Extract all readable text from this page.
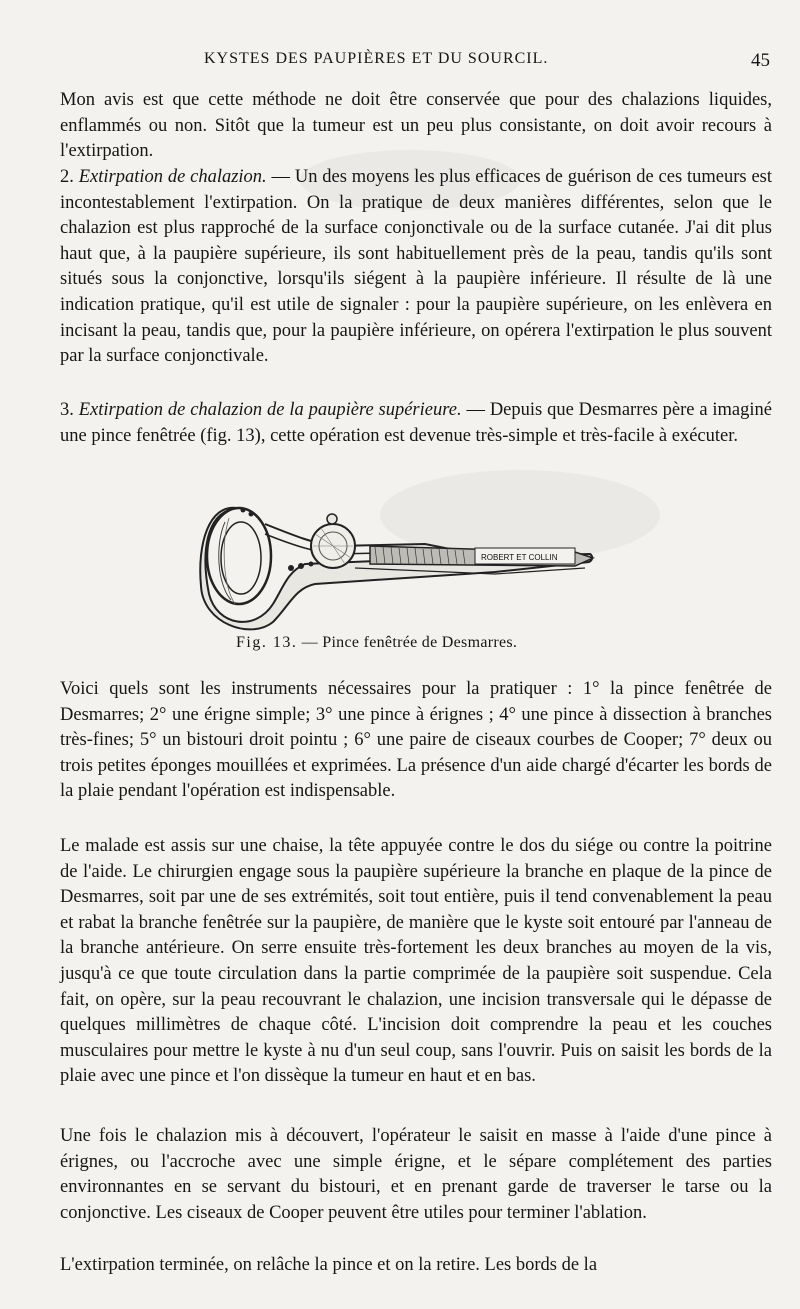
KYSTES DES PAUPIÈRES ET DU SOURCIL.	45

Mon avis est que cette méthode ne doit être conservée que pour des chalazions liquides, enflammés ou non. Sitôt que la tumeur est un peu plus consistante, on doit avoir recours à l'extirpation.

2. Extirpation de chalazion. — Un des moyens les plus efficaces de guérison de ces tumeurs est incontestablement l'extirpation. On la pratique de deux manières différentes, selon que le chalazion est plus rapproché de la surface conjonctivale ou de la surface cutanée. J'ai dit plus haut que, à la paupière supérieure, ils sont habituellement près de la peau, tandis qu'ils sont situés sous la conjonctive, lorsqu'ils siégent à la paupière inférieure. Il résulte de là une indication pratique, qu'il est utile de signaler : pour la paupière supérieure, on les enlèvera en incisant la peau, tandis que, pour la paupière inférieure, on opérera l'extirpation le plus souvent par la surface conjonctivale.

3. Extirpation de chalazion de la paupière supérieure. — Depuis que Desmarres père a imaginé une pince fenêtrée (fig. 13), cette opération est devenue très-simple et très-facile à exécuter.

ROBERT ET COLLIN
Fig. 13. — Pince fenêtrée de Desmarres.

Voici quels sont les instruments nécessaires pour la pratiquer : 1° la pince fenêtrée de Desmarres; 2° une érigne simple; 3° une pince à érignes ; 4° une pince à dissection à branches très-fines; 5° un bistouri droit pointu ; 6° une paire de ciseaux courbes de Cooper; 7° deux ou trois petites éponges mouillées et exprimées. La présence d'un aide chargé d'écarter les bords de la plaie pendant l'opération est indispensable.

Le malade est assis sur une chaise, la tête appuyée contre le dos du siége ou contre la poitrine de l'aide. Le chirurgien engage sous la paupière supérieure la branche en plaque de la pince de Desmarres, soit par une de ses extrémités, soit tout entière, puis il tend convenablement la peau et rabat la branche fenêtrée sur la paupière, de manière que le kyste soit entouré par l'anneau de la branche antérieure. On serre ensuite très-fortement les deux branches au moyen de la vis, jusqu'à ce que toute circulation dans la partie comprimée de la paupière soit suspendue. Cela fait, on opère, sur la peau recouvrant le chalazion, une incision transversale qui le dépasse de quelques millimètres de chaque côté. L'incision doit comprendre la peau et les couches musculaires pour mettre le kyste à nu d'un seul coup, sans l'ouvrir. Puis on saisit les bords de la plaie avec une pince et l'on dissèque la tumeur en haut et en bas.

Une fois le chalazion mis à découvert, l'opérateur le saisit en masse à l'aide d'une pince à érignes, ou l'accroche avec une simple érigne, et le sépare complétement des parties environnantes en se servant du bistouri, et en prenant garde de traverser le tarse ou la conjonctive. Les ciseaux de Cooper peuvent être utiles pour terminer l'ablation.

L'extirpation terminée, on relâche la pince et on la retire. Les bords de la
